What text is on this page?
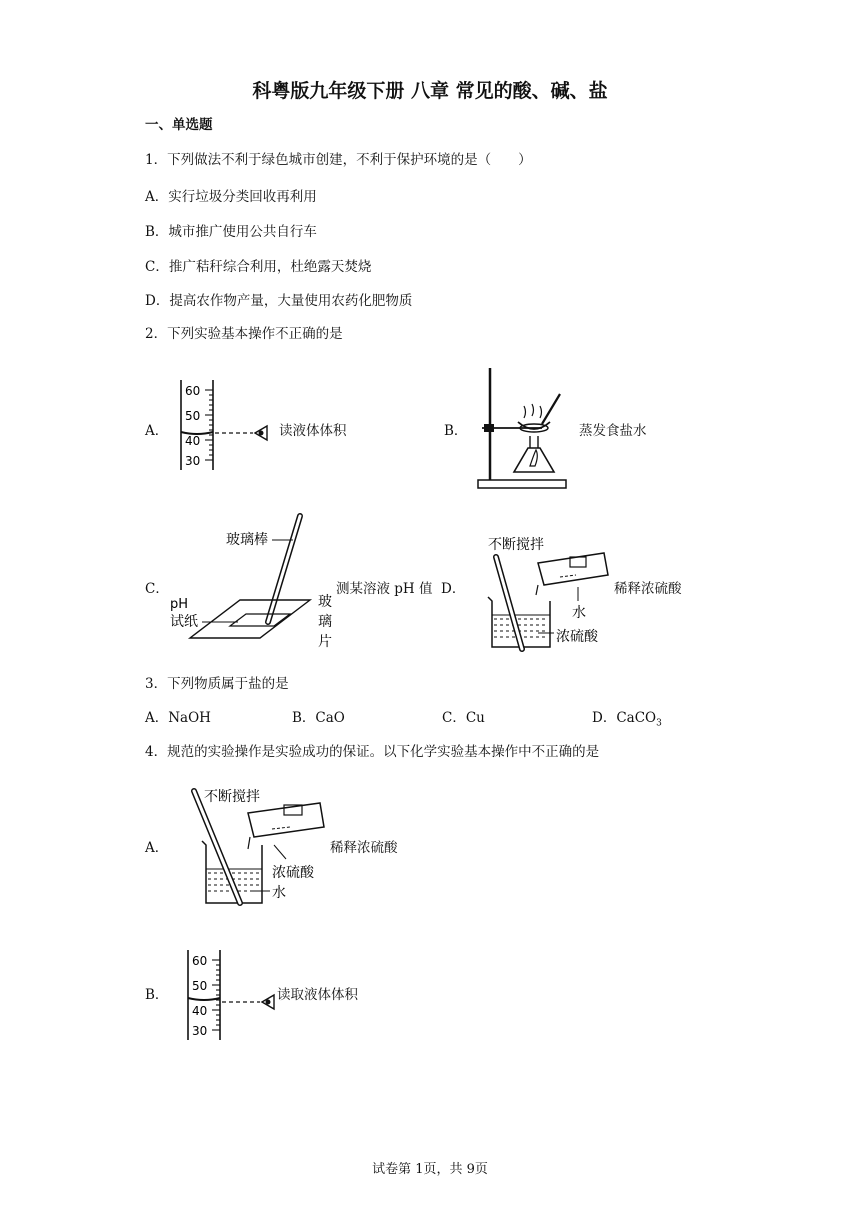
科粤版九年级下册 八章 常见的酸、碱、盐
一、单选题
1．下列做法不利于绿色城市创建，不利于保护环境的是（　　）
A．实行垃圾分类回收再利用
B．城市推广使用公共自行车
C．推广秸秆综合利用，杜绝露天焚烧
D．提高农作物产量，大量使用农药化肥物质
2．下列实验基本操作不正确的是
A．
60
50
40
30
读液体体积	B．	蒸发食盐水
C．
玻璃棒
pH
试纸
玻
璃
片
测某溶液 pH 值 D．
不断搅拌
水
浓硫酸
稀释浓硫酸
3．下列物质属于盐的是
A．NaOH	B．CaO	C．Cu	D．CaCO$_3$
4．规范的实验操作是实验成功的保证。以下化学实验基本操作中不正确的是
A．
不断搅拌
浓硫酸
水
稀释浓硫酸
B．
60
50
40
30
读取液体体积
试卷第 1页，共 9页
